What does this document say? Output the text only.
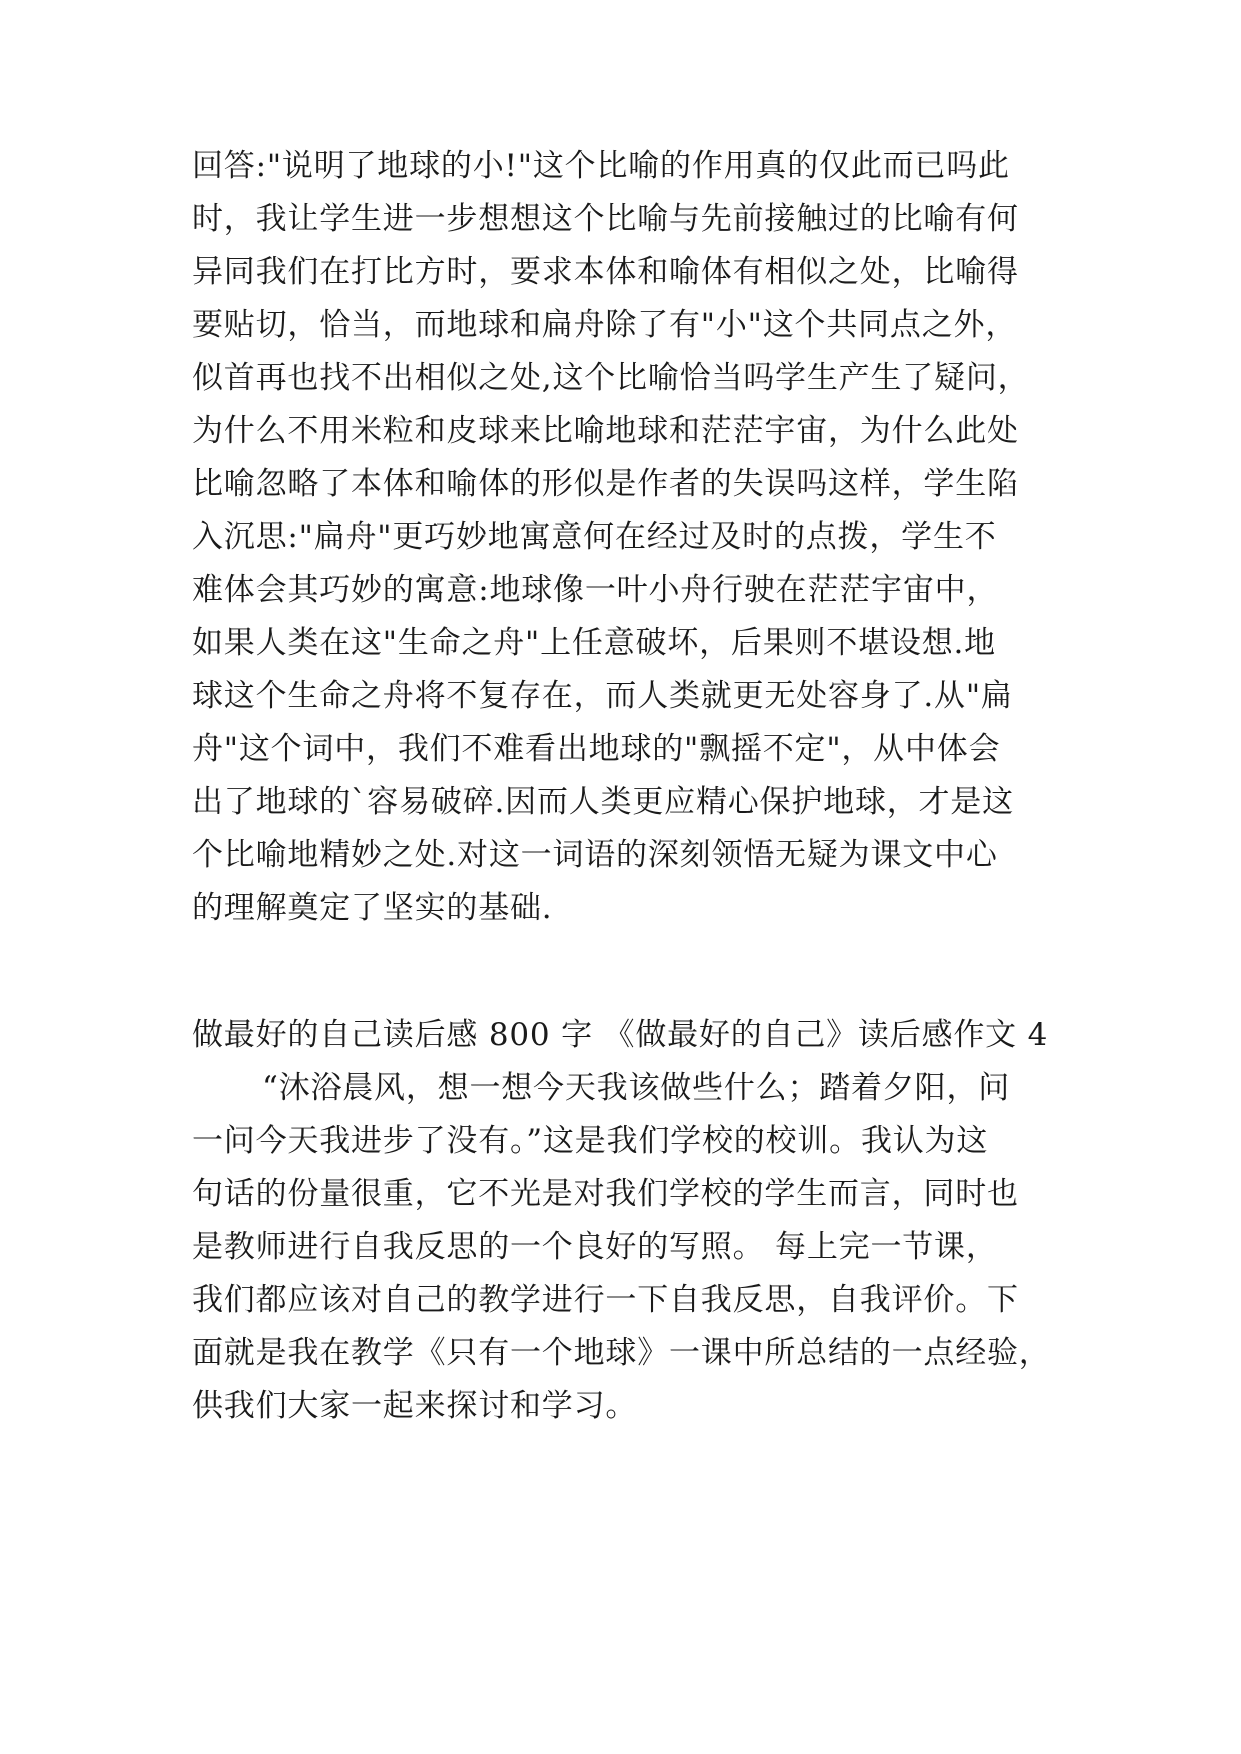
回答:"说明了地球的小!"这个比喻的作用真的仅此而已吗此
时，我让学生进一步想想这个比喻与先前接触过的比喻有何
异同我们在打比方时，要求本体和喻体有相似之处，比喻得
要贴切，恰当，而地球和扁舟除了有"小"这个共同点之外，
似首再也找不出相似之处,这个比喻恰当吗学生产生了疑问，
为什么不用米粒和皮球来比喻地球和茫茫宇宙，为什么此处
比喻忽略了本体和喻体的形似是作者的失误吗这样，学生陷
入沉思:"扁舟"更巧妙地寓意何在经过及时的点拨，学生不
难体会其巧妙的寓意:地球像一叶小舟行驶在茫茫宇宙中，
如果人类在这"生命之舟"上任意破坏，后果则不堪设想.地
球这个生命之舟将不复存在，而人类就更无处容身了.从"扁
舟"这个词中，我们不难看出地球的"飘摇不定"，从中体会
出了地球的`容易破碎.因而人类更应精心保护地球，才是这
个比喻地精妙之处.对这一词语的深刻领悟无疑为课文中心
的理解奠定了坚实的基础.
做最好的自己读后感 800 字 《做最好的自己》读后感作文 4
“沐浴晨风，想一想今天我该做些什么；踏着夕阳，问
一问今天我进步了没有。”这是我们学校的校训。我认为这
句话的份量很重，它不光是对我们学校的学生而言，同时也
是教师进行自我反思的一个良好的写照。 每上完一节课，
我们都应该对自己的教学进行一下自我反思，自我评价。下
面就是我在教学《只有一个地球》一课中所总结的一点经验，
供我们大家一起来探讨和学习。
